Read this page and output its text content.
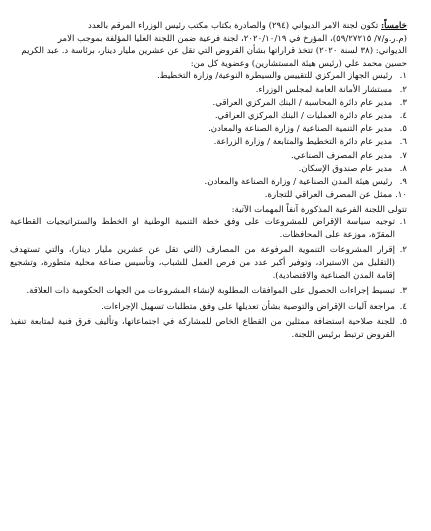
خامساً: تكون لجنة الامر الديواني (٢٩٤) والصادرة بكتاب مكتب رئيس الوزراء المرقم بالعدد

(م.ر.و/٧/ ٥٩/٢٧٢١٥)، المؤرخ في ٢٠٢٠/١٠/١٩، لجنة فرعية ضمن اللجنة العليا المؤلفة بموجب الامر

الديواني: (٣٨ لسنة ٢٠٢٠) تتخذ قراراتها بشأن القروض التي تقل عن عشرين مليار دينار، برئاسة د. عبد الكريم

حسين محمد علي (رئيس هيئة المستشارين) وعضوية كل من:

١. رئيس الجهاز المركزي للتقييس والسيطرة النوعية/ وزارة التخطيط.
٢. مستشار الأمانة العامة لمجلس الوزراء.
٣. مدير عام دائرة المحاسبة / البنك المركزي العراقي.
٤. مدير عام دائرة العمليات / البنك المركزي العراقي.
٥. مدير عام التنمية الصناعية / وزارة الصناعة والمعادن.
٦. مدير عام دائرة التخطيط والمتابعة / وزارة الزراعة.
٧. مدير عام المصرف الصناعي.
٨. مدير عام صندوق الإسكان.
٩. رئيس هيئة المدن الصناعية / وزارة الصناعة والمعادن.
١٠. ممثل عن المصرف العراقي للتجارة.

تتولى اللجنة الفرعية المذكورة آنفاً المهمات الآتية:

١.
توجيه سياسة الإقراض للمشروعات على وفق خطة التنمية الوطنية او الخطط والستراتيجيات القطاعية المقرّة، موزعة على المحافظات.
٢.
إقرار المشروعات التنموية المرفوعة من المصارف (التي تقل عن عشرين مليار دينار)، والتي تستهدف (التقليل من الاستيراد، وتوفير أكبر عدد من فرص العمل للشباب، وتأسيس صناعة محلية متطورة، وتشجيع إقامة المدن الصناعية والاقتصادية).
٣.
تبسيط إجراءات الحصول على الموافقات المطلوبة لإنشاء المشروعات من الجهات الحكومية ذات العلاقة.
٤.
مراجعة آليات الإقراض والتوصية بشأن تعديلها على وفق متطلبات تسهيل الإجراءات.
٥.
للجنة صلاحية استضافة ممثلين من القطاع الخاص للمشاركة في اجتماعاتها، وتأليف فرق فنية لمتابعة تنفيذ القروض ترتبط برئيس اللجنة.
